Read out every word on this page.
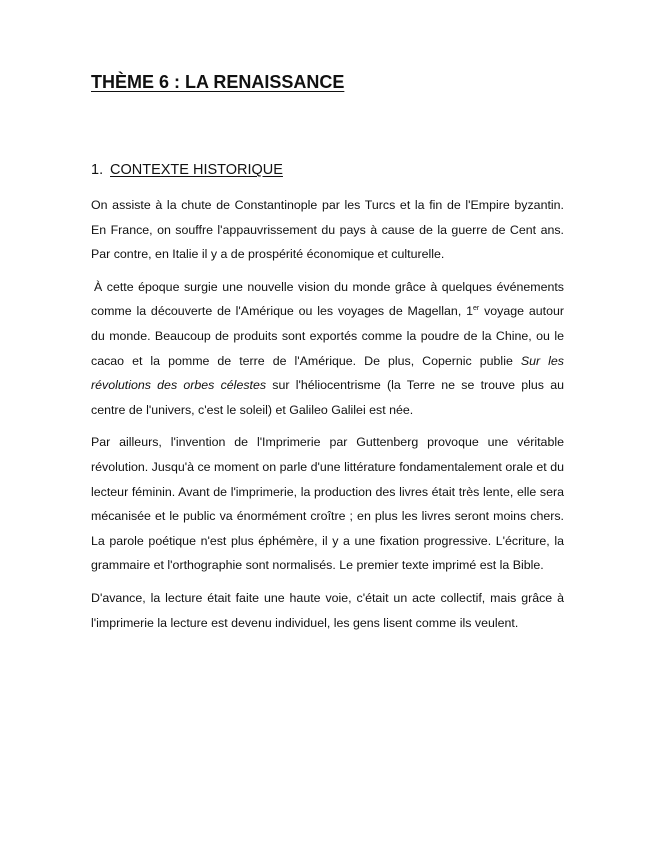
THÈME 6 : LA RENAISSANCE
1. CONTEXTE HISTORIQUE

On assiste à la chute de Constantinople par les Turcs et la fin de l'Empire byzantin. En France, on souffre l'appauvrissement du pays à cause de la guerre de Cent ans. Par contre, en Italie il y a de prospérité économique et culturelle.

À cette époque surgie une nouvelle vision du monde grâce à quelques événements comme la découverte de l'Amérique ou les voyages de Magellan, 1er voyage autour du monde. Beaucoup de produits sont exportés comme la poudre de la Chine, ou le cacao et la pomme de terre de l'Amérique. De plus, Copernic publie Sur les révolutions des orbes célestes sur l'héliocentrisme (la Terre ne se trouve plus au centre de l'univers, c'est le soleil) et Galileo Galilei est née.

Par ailleurs, l'invention de l'Imprimerie par Guttenberg provoque une véritable révolution. Jusqu'à ce moment on parle d'une littérature fondamentalement orale et du lecteur féminin. Avant de l'imprimerie, la production des livres était très lente, elle sera mécanisée et le public va énormément croître ; en plus les livres seront moins chers. La parole poétique n'est plus éphémère, il y a une fixation progressive. L'écriture, la grammaire et l'orthographie sont normalisés. Le premier texte imprimé est la Bible.

D'avance, la lecture était faite une haute voie, c'était un acte collectif, mais grâce à l'imprimerie la lecture est devenu individuel, les gens lisent comme ils veulent.
